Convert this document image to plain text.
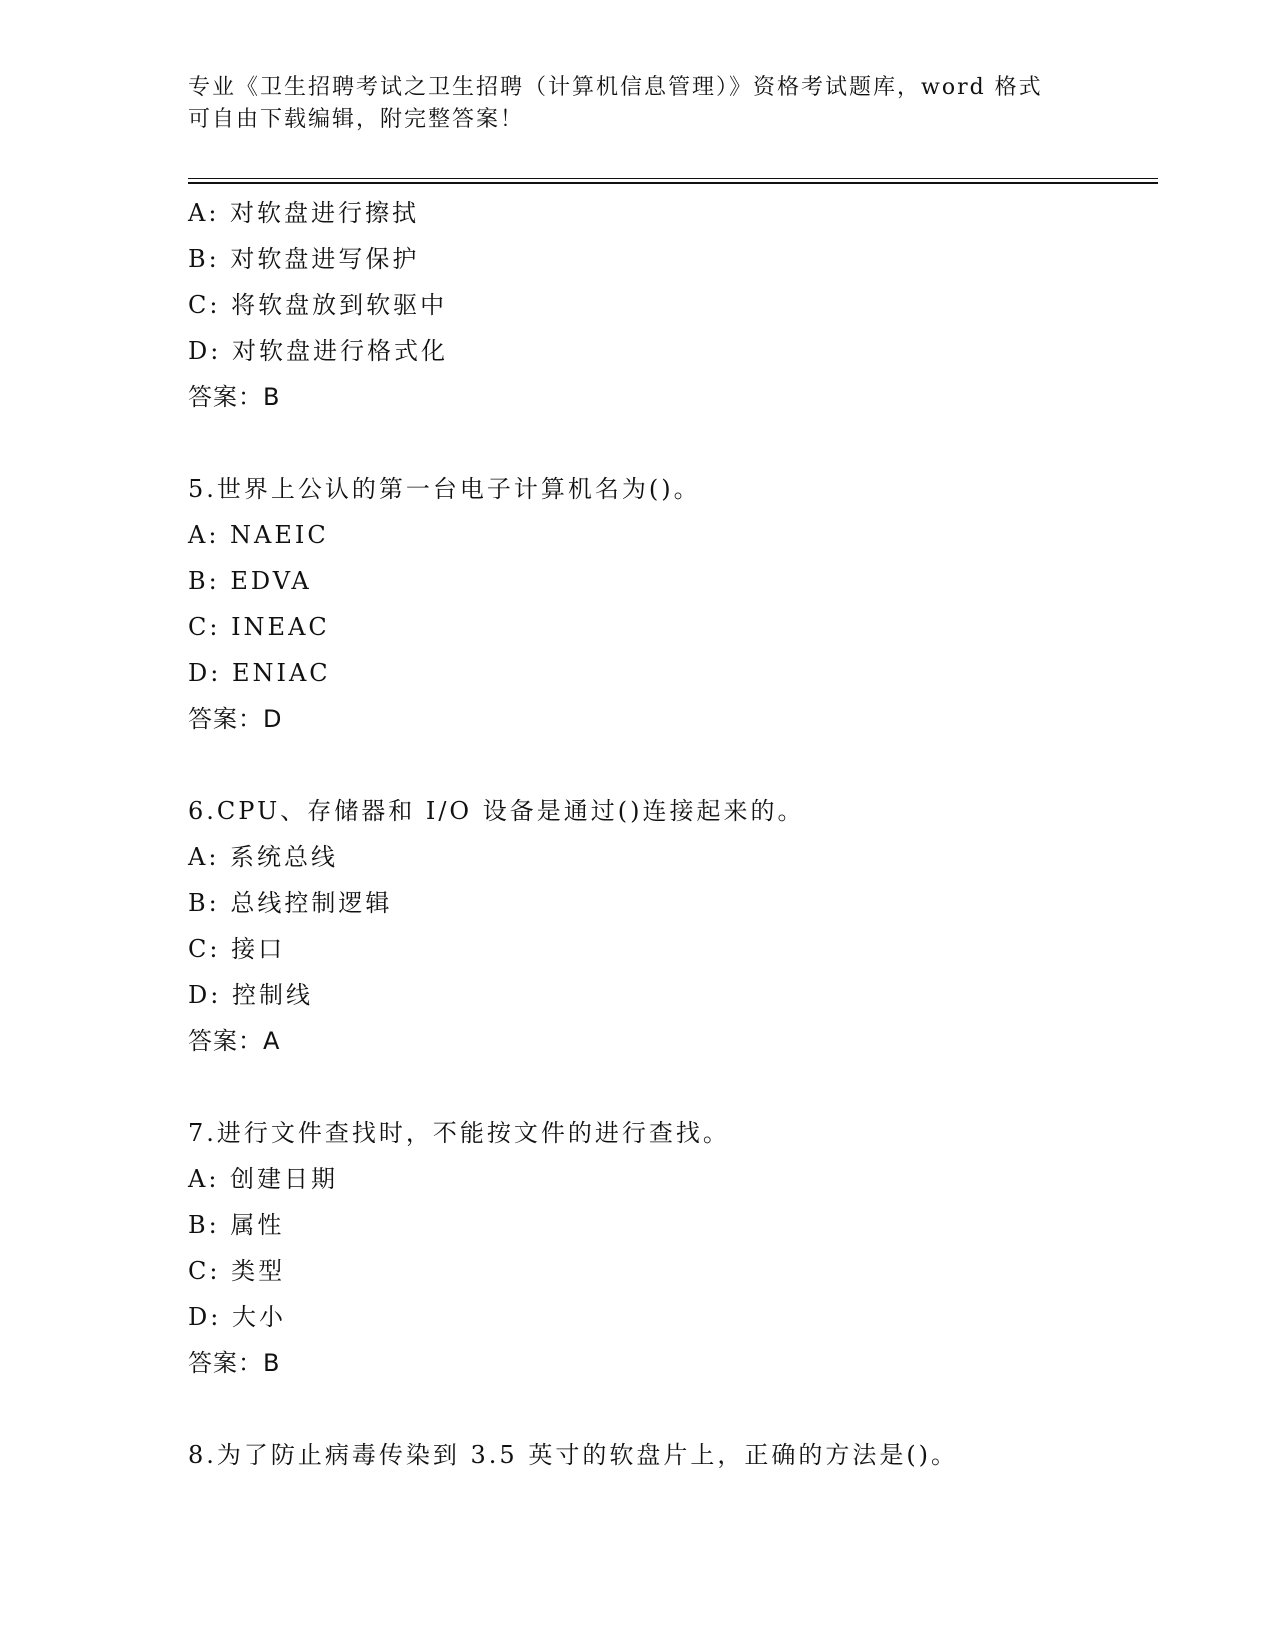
专业《卫生招聘考试之卫生招聘（计算机信息管理）》资格考试题库，word 格式
可自由下载编辑，附完整答案！
A: 对软盘进行擦拭
B: 对软盘进写保护
C: 将软盘放到软驱中
D: 对软盘进行格式化
答案：B
5.世界上公认的第一台电子计算机名为()。
A: NAEIC
B: EDVA
C: INEAC
D: ENIAC
答案：D
6.CPU、存储器和 I/O 设备是通过()连接起来的。
A: 系统总线
B: 总线控制逻辑
C: 接口
D: 控制线
答案：A
7.进行文件查找时，不能按文件的进行查找。
A: 创建日期
B: 属性
C: 类型
D: 大小
答案：B
8.为了防止病毒传染到 3.5 英寸的软盘片上，正确的方法是()。
